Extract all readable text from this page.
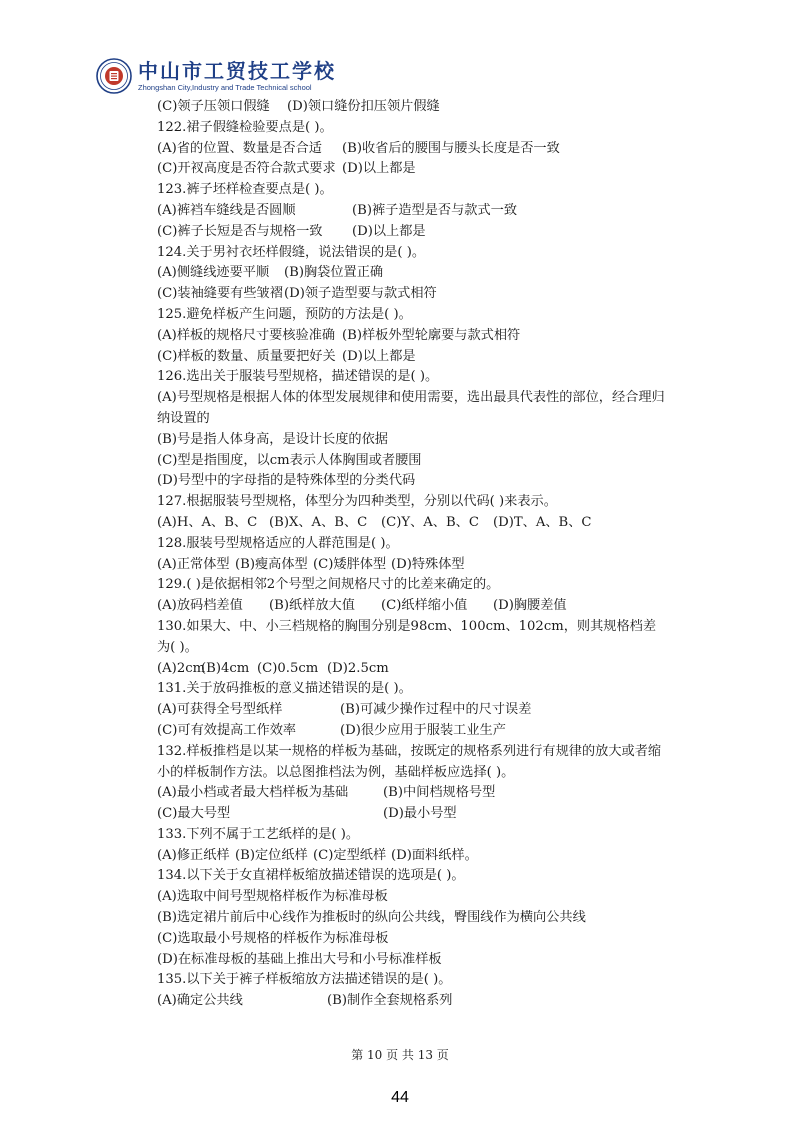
中山市工贸技工学校
Zhongshan City,Industry and Trade Technical school
(C)领子压领口假缝 (D)领口缝份扣压领片假缝
122.裙子假缝检验要点是( )。
(A)省的位置、数量是否合适 (B)收省后的腰围与腰头长度是否一致
(C)开衩高度是否符合款式要求 (D)以上都是
123.裤子坯样检查要点是( )。
(A)裤裆车缝线是否圆顺	(B)裤子造型是否与款式一致
(C)裤子长短是否与规格一致 (D)以上都是
124.关于男衬衣坯样假缝，说法错误的是( )。
(A)侧缝线迹要平顺 (B)胸袋位置正确
(C)装袖缝要有些皱褶(D)领子造型要与款式相符
125.避免样板产生问题，预防的方法是( )。
(A)样板的规格尺寸要核验准确 (B)样板外型轮廓要与款式相符
(C)样板的数量、质量要把好关 (D)以上都是
126.选出关于服装号型规格，描述错误的是( )。
(A)号型规格是根据人体的体型发展规律和使用需要，选出最具代表性的部位，经合理归纳设置的
(B)号是指人体身高，是设计长度的依据
(C)型是指围度，以cm表示人体胸围或者腰围
(D)号型中的字母指的是特殊体型的分类代码
127.根据服装号型规格，体型分为四种类型，分别以代码( )来表示。
(A)H、A、B、C (B)X、A、B、C (C)Y、A、B、C (D)T、A、B、C
128.服装号型规格适应的人群范围是( )。
(A)正常体型 (B)瘦高体型 (C)矮胖体型 (D)特殊体型
129.( )是依据相邻2个号型之间规格尺寸的比差来确定的。
(A)放码档差值 (B)纸样放大值 (C)纸样缩小值 (D)胸腰差值
130.如果大、中、小三档规格的胸围分别是98cm、100cm、102cm，则其规格档差为( )。
(A)2cm(B)4cm (C)0.5cm (D)2.5cm
131.关于放码推板的意义描述错误的是( )。
(A)可获得全号型纸样	(B)可减少操作过程中的尺寸误差
(C)可有效提高工作效率	(D)很少应用于服装工业生产
132.样板推档是以某一规格的样板为基础，按既定的规格系列进行有规律的放大或者缩小的样板制作方法。以总图推档法为例，基础样板应选择( )。
(A)最小档或者最大档样板为基础	(B)中间档规格号型
(C)最大号型	(D)最小号型
133.下列不属于工艺纸样的是( )。
(A)修正纸样 (B)定位纸样 (C)定型纸样 (D)面料纸样。
134.以下关于女直裙样板缩放描述错误的选项是( )。
(A)选取中间号型规格样板作为标准母板
(B)选定裙片前后中心线作为推板时的纵向公共线，臀围线作为横向公共线
(C)选取最小号规格的样板作为标准母板
(D)在标准母板的基础上推出大号和小号标准样板
135.以下关于裤子样板缩放方法描述错误的是( )。
(A)确定公共线	(B)制作全套规格系列
第 10 页 共 13 页
44
